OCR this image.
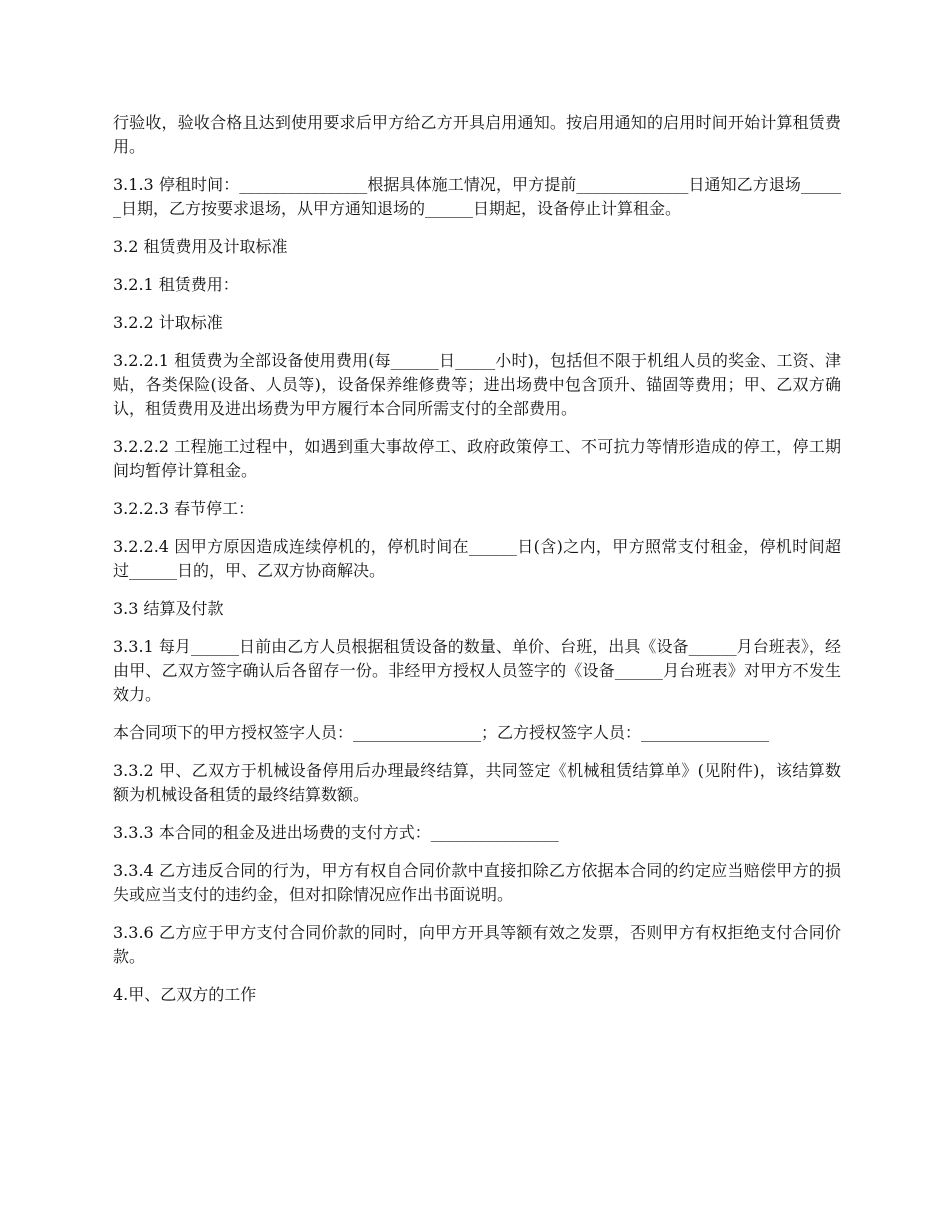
行验收，验收合格且达到使用要求后甲方给乙方开具启用通知。按启用通知的启用时间开始计算租赁费用。

3.1.3 停租时间：________________根据具体施工情况，甲方提前______________日通知乙方退场______日期，乙方按要求退场，从甲方通知退场的______日期起，设备停止计算租金。

3.2 租赁费用及计取标准

3.2.1 租赁费用：

3.2.2 计取标准

3.2.2.1 租赁费为全部设备使用费用(每______日_____小时)，包括但不限于机组人员的奖金、工资、津贴，各类保险(设备、人员等)，设备保养维修费等；进出场费中包含顶升、锚固等费用；甲、乙双方确认，租赁费用及进出场费为甲方履行本合同所需支付的全部费用。

3.2.2.2 工程施工过程中，如遇到重大事故停工、政府政策停工、不可抗力等情形造成的停工，停工期间均暂停计算租金。

3.2.2.3 春节停工：

3.2.2.4 因甲方原因造成连续停机的，停机时间在______日(含)之内，甲方照常支付租金，停机时间超过______日的，甲、乙双方协商解决。

3.3 结算及付款

3.3.1 每月______日前由乙方人员根据租赁设备的数量、单价、台班，出具《设备______月台班表》，经由甲、乙双方签字确认后各留存一份。非经甲方授权人员签字的《设备______月台班表》对甲方不发生效力。

本合同项下的甲方授权签字人员：________________；乙方授权签字人员：________________

3.3.2 甲、乙双方于机械设备停用后办理最终结算，共同签定《机械租赁结算单》(见附件)，该结算数额为机械设备租赁的最终结算数额。

3.3.3 本合同的租金及进出场费的支付方式：________________

3.3.4 乙方违反合同的行为，甲方有权自合同价款中直接扣除乙方依据本合同的约定应当赔偿甲方的损失或应当支付的违约金，但对扣除情况应作出书面说明。

3.3.6 乙方应于甲方支付合同价款的同时，向甲方开具等额有效之发票，否则甲方有权拒绝支付合同价款。

4.甲、乙双方的工作
